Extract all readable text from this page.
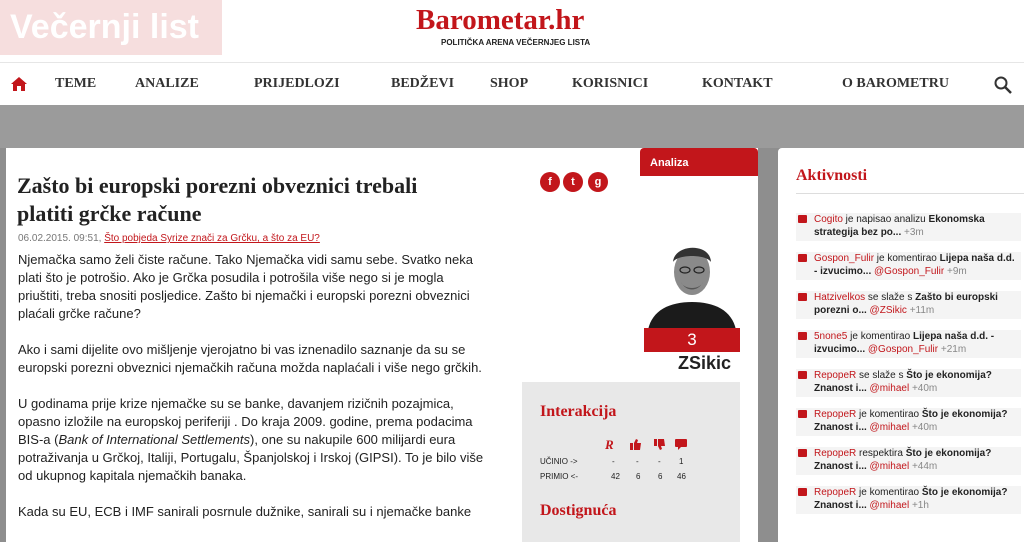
Večernji list	Barometar.hr
POLITIČKA ARENA VEČERNJEG LISTA
TEME	ANALIZE	PRIJEDLOZI	BEDŽEVI	SHOP	KORISNICI	KONTAKT	O BAROMETRU
Analiza
Zašto bi europski porezni obveznici trebali platiti grčke račune
06.02.2015. 09:51, Što pobjeda Syrize znači za Grčku, a što za EU?
f	t	g

Njemačka samo želi čiste račune. Tako Njemačka vidi samu sebe. Svatko neka plati što je potrošio. Ako je Grčka posudila i potrošila više nego si je mogla priuštiti, treba snositi posljedice. Zašto bi njemački i europski porezni obveznici plaćali grčke račune?

Ako i sami dijelite ovo mišljenje vjerojatno bi vas iznenadilo saznanje da su se europski porezni obveznici njemačkih računa možda naplaćali i više nego grčkih.

U godinama prije krize njemačke su se banke, davanjem rizičnih pozajmica, opasno izložile na europskoj periferiji . Do kraja 2009. godine, prema podacima BIS-a (Bank of International Settlements), one su nakupile 600 milijardi eura potraživanja u Grčkoj, Italiji, Portugalu, Španjolskoj i Irskoj (GIPSI). To je bilo više od ukupnog kapitala njemačkih banaka.

Kada su EU, ECB i IMF sanirali posrnule dužnike, sanirali su i njemačke banke

3
ZSikic
Interakcija
R
UČINIO ->	-	- - 1
PRIMIO <-	42 6 6 46
Dostignuća
Aktivnosti
Cogito je napisao analizu Ekonomska strategija bez po... +3m
Gospon_Fulir je komentirao Lijepa naša d.d. - izvucimo... @Gospon_Fulir +9m
Hatzivelkos se slaže s Zašto bi europski porezni o... @ZSikic +11m
5none5 je komentirao Lijepa naša d.d. - izvucimo... @Gospon_Fulir +21m
RepopeR se slaže s Što je ekonomija? Znanost i... @mihael +40m
RepopeR je komentirao Što je ekonomija? Znanost i... @mihael +40m
RepopeR respektira Što je ekonomija? Znanost i... @mihael +44m
RepopeR je komentirao Što je ekonomija? Znanost i... @mihael +1h
